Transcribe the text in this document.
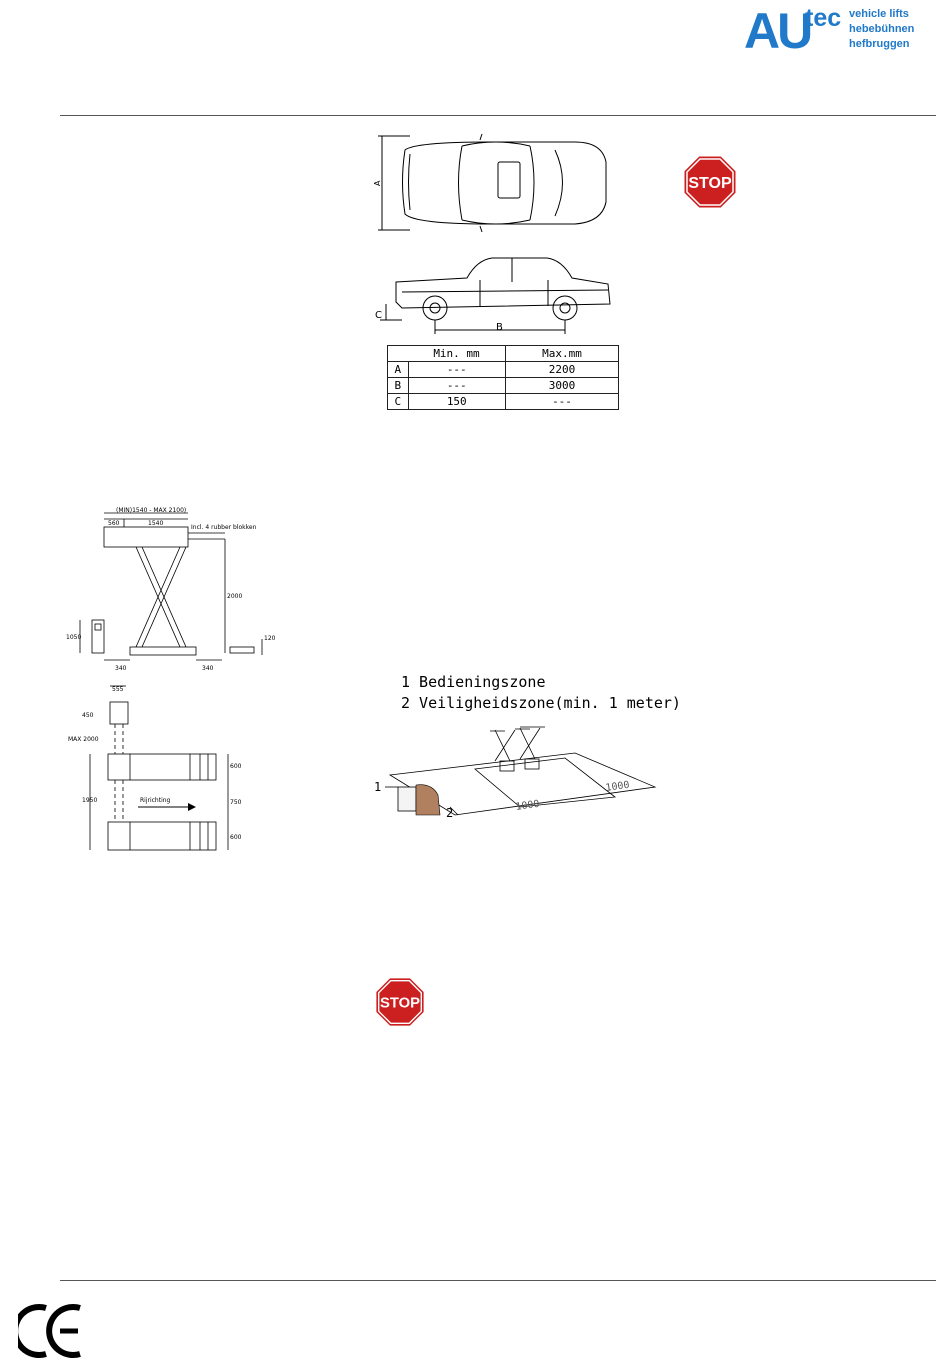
AU
tec vehicle lifts
hebebühnen
hefbruggen
A
B
C
	Min. mm	Max.mm
A	---	2200
B	---	3000
C	150	---
STOP
(MIN)1540 - MAX 2100)
560	1540
Incl. 4 rubber blokken
2000
1050	120
340	340
555
450
MAX 2000
1950
600
750
600
Rijrichting
1 Bedieningszone
2 Veiligheidszone(min. 1 meter)
1
2
1000
1000
STOP
